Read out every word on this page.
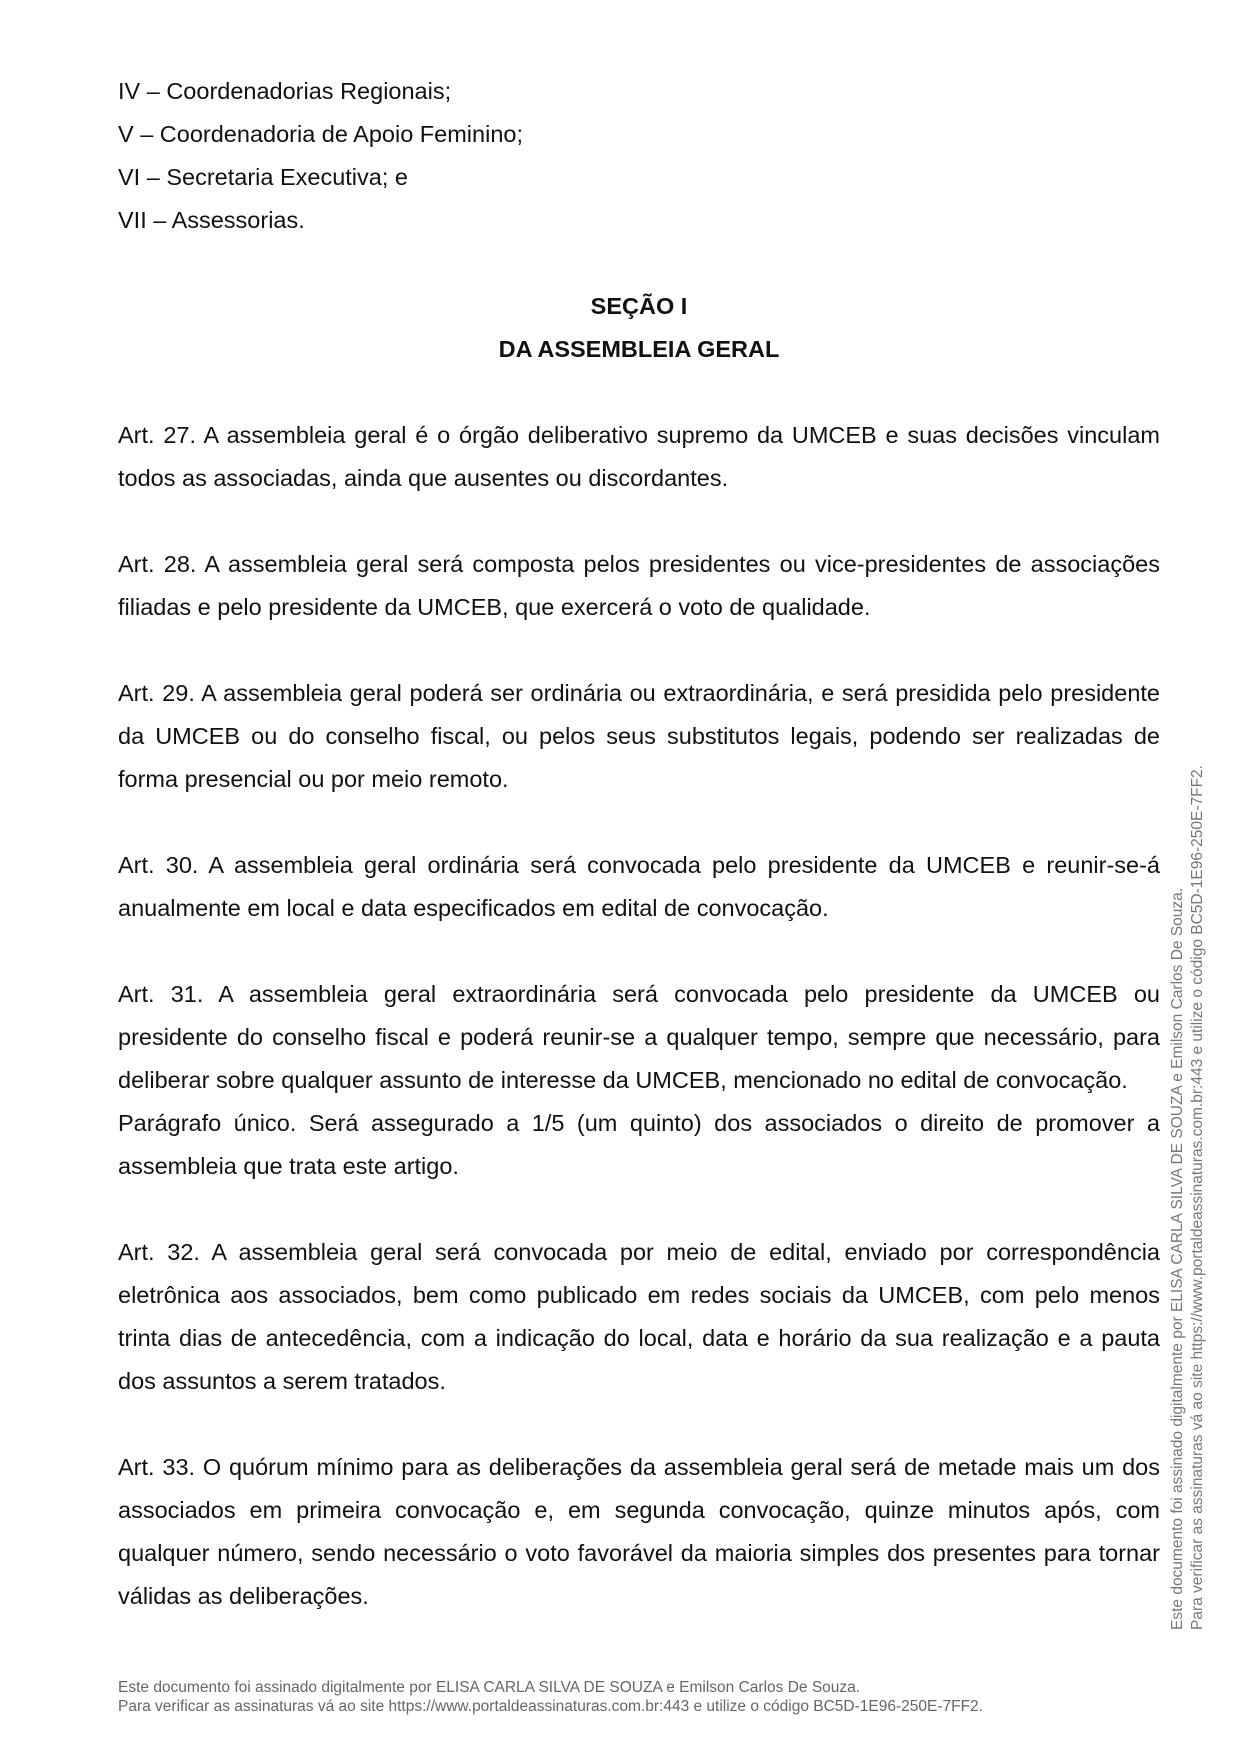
IV – Coordenadorias Regionais;

V – Coordenadoria de Apoio Feminino;

VI – Secretaria Executiva; e

VII – Assessorias.

SEÇÃO I
DA ASSEMBLEIA GERAL

Art. 27. A assembleia geral é o órgão deliberativo supremo da UMCEB e suas decisões vinculam todos as associadas, ainda que ausentes ou discordantes.

Art. 28. A assembleia geral será composta pelos presidentes ou vice-presidentes de associações filiadas e pelo presidente da UMCEB, que exercerá o voto de qualidade.

Art. 29. A assembleia geral poderá ser ordinária ou extraordinária, e será presidida pelo presidente da UMCEB ou do conselho fiscal, ou pelos seus substitutos legais, podendo ser realizadas de forma presencial ou por meio remoto.

Art. 30. A assembleia geral ordinária será convocada pelo presidente da UMCEB e reunir-se-á anualmente em local e data especificados em edital de convocação.

Art. 31. A assembleia geral extraordinária será convocada pelo presidente da UMCEB ou presidente do conselho fiscal e poderá reunir-se a qualquer tempo, sempre que necessário, para deliberar sobre qualquer assunto de interesse da UMCEB, mencionado no edital de convocação.

Parágrafo único. Será assegurado a 1/5 (um quinto) dos associados o direito de promover a assembleia que trata este artigo.

Art. 32. A assembleia geral será convocada por meio de edital, enviado por correspondência eletrônica aos associados, bem como publicado em redes sociais da UMCEB, com pelo menos trinta dias de antecedência, com a indicação do local, data e horário da sua realização e a pauta dos assuntos a serem tratados.

Art. 33. O quórum mínimo para as deliberações da assembleia geral será de metade mais um dos associados em primeira convocação e, em segunda convocação, quinze minutos após, com qualquer número, sendo necessário o voto favorável da maioria simples dos presentes para tornar válidas as deliberações.

Este documento foi assinado digitalmente por ELISA CARLA SILVA DE SOUZA e Emilson Carlos De Souza.
Para verificar as assinaturas vá ao site https://www.portaldeassinaturas.com.br:443 e utilize o código BC5D-1E96-250E-7FF2.
Este documento foi assinado digitalmente por ELISA CARLA SILVA DE SOUZA e Emilson Carlos De Souza. Para verificar as assinaturas vá ao site https://www.portaldeassinaturas.com.br:443 e utilize o código BC5D-1E96-250E-7FF2.
